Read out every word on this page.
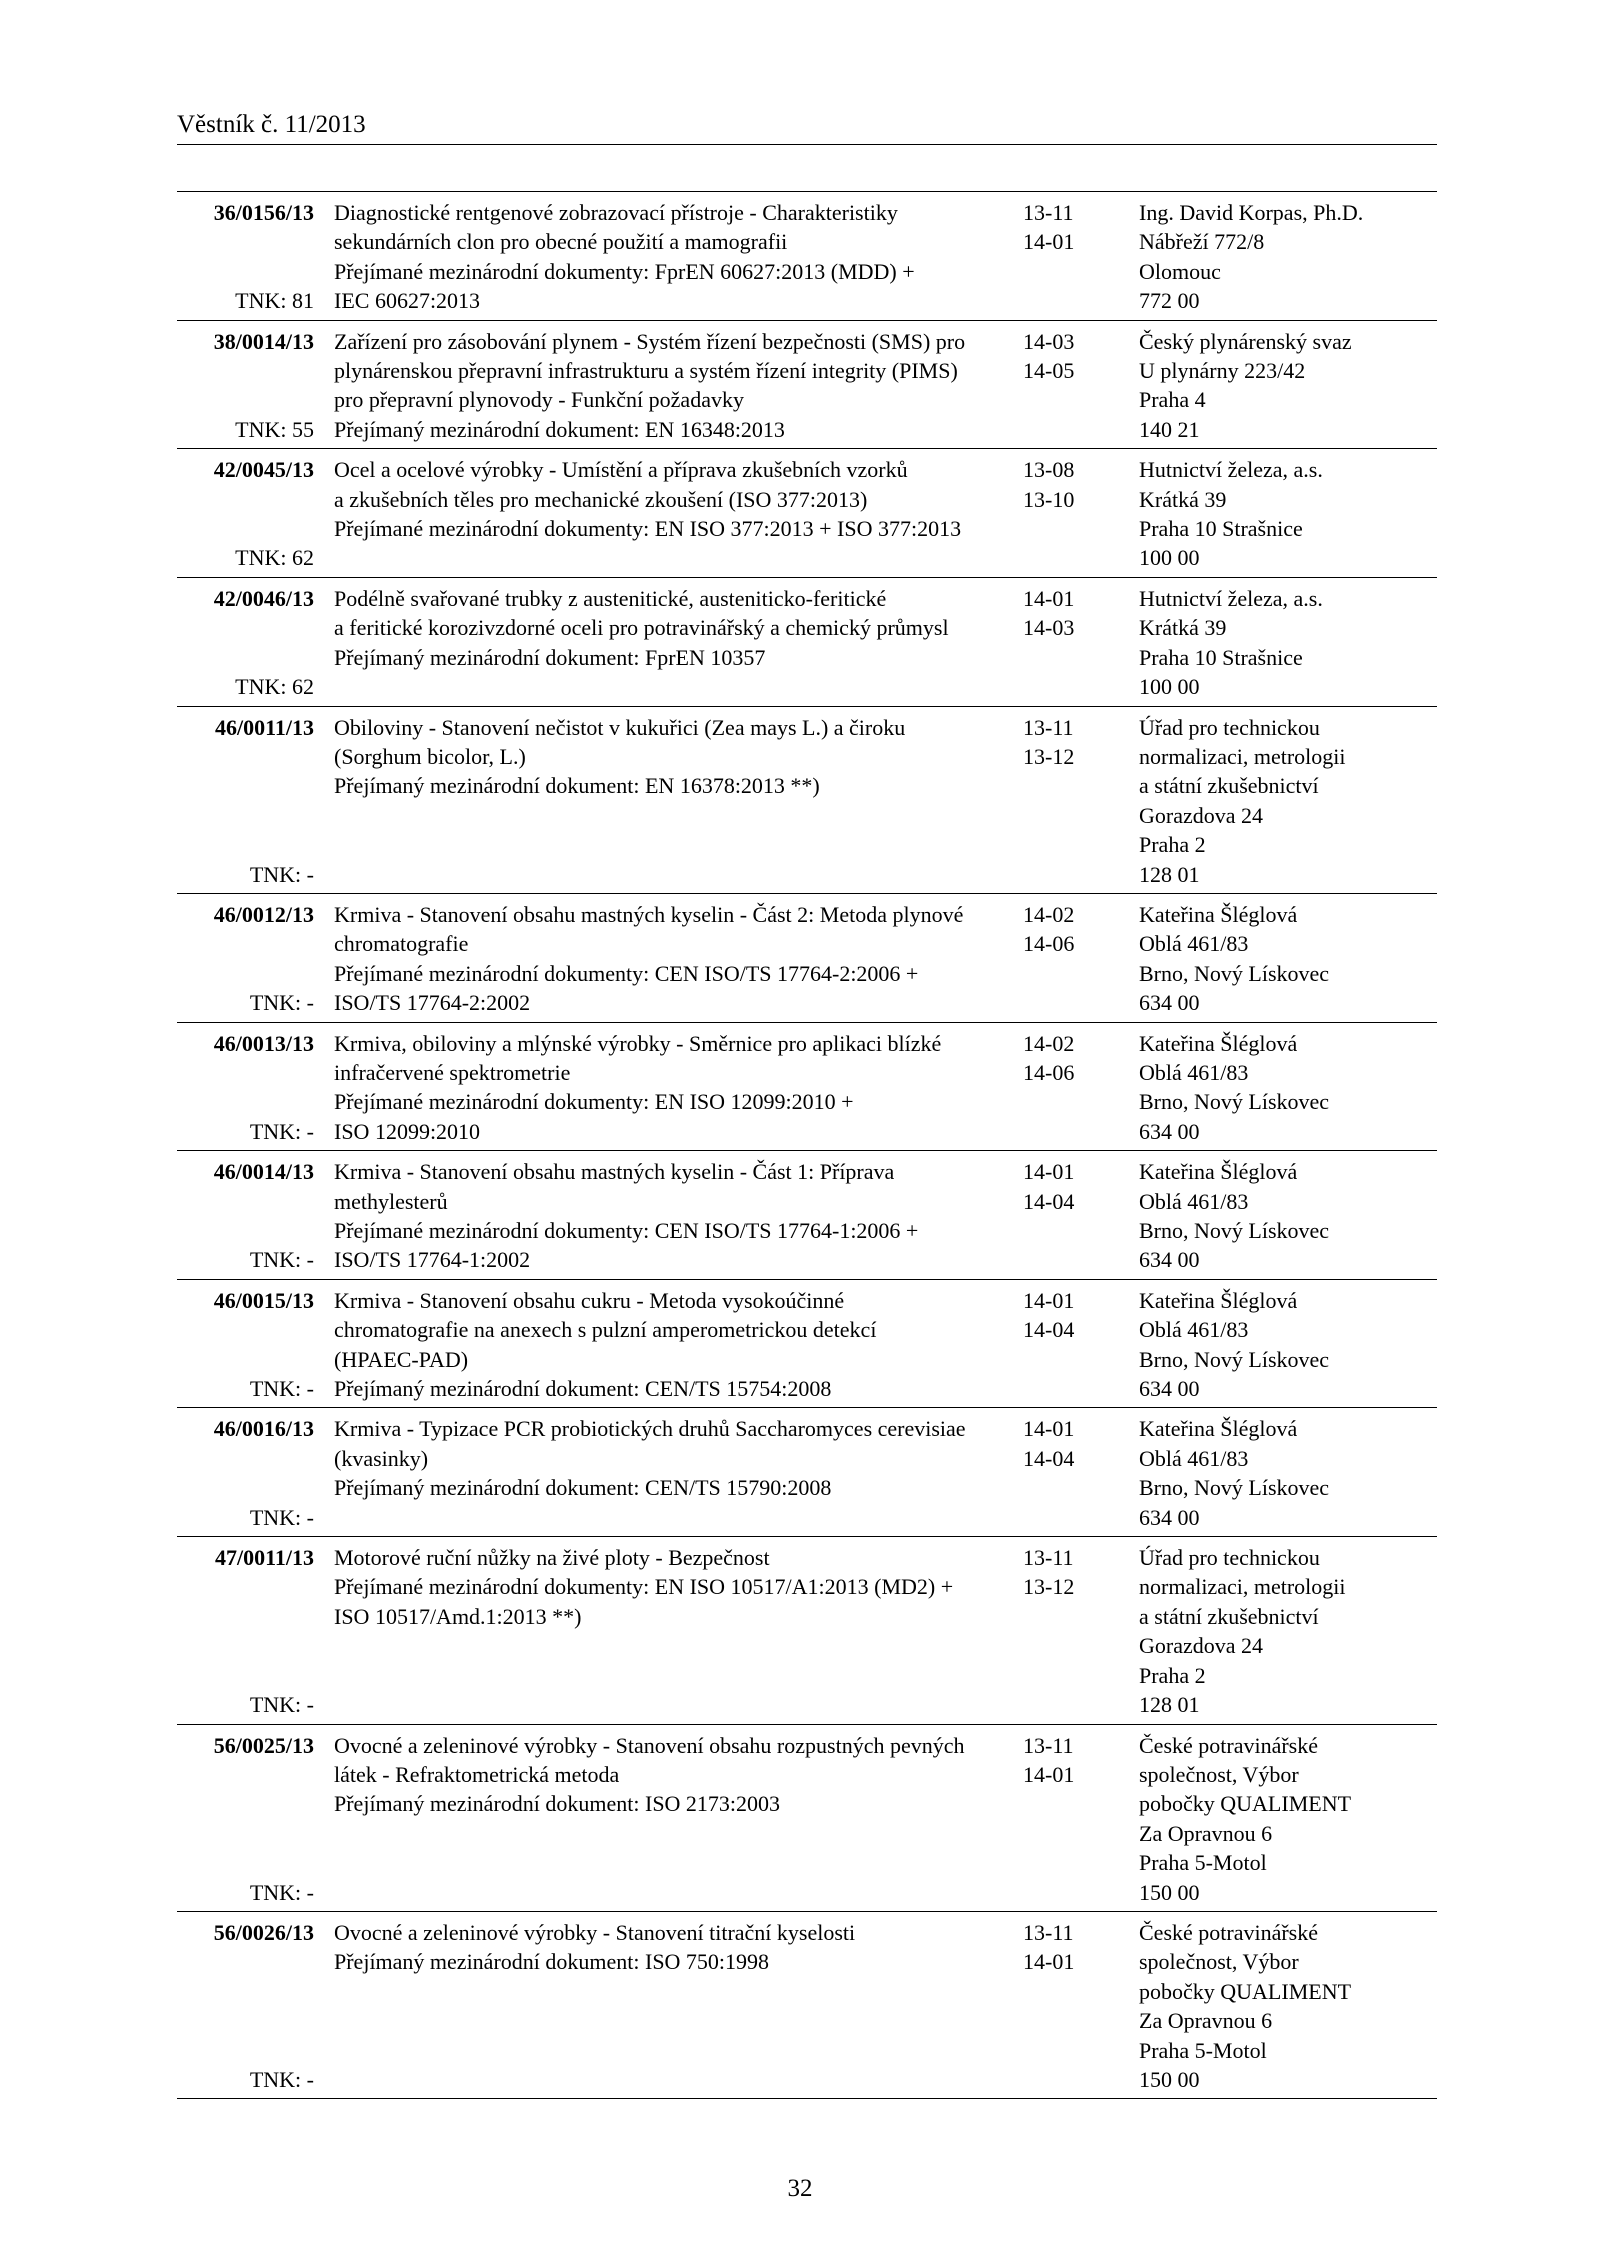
Věstník č. 11/2013
36/0156/13
TNK: 81
Diagnostické rentgenové zobrazovací přístroje - Charakteristiky
sekundárních clon pro obecné použití a mamografii
Přejímané mezinárodní dokumenty: FprEN 60627:2013 (MDD) +
IEC 60627:2013
13-11
14-01
Ing. David Korpas, Ph.D.
Nábřeží 772/8
Olomouc
772 00
38/0014/13
TNK: 55
Zařízení pro zásobování plynem - Systém řízení bezpečnosti (SMS) pro
plynárenskou přepravní infrastrukturu a systém řízení integrity (PIMS)
pro přepravní plynovody - Funkční požadavky
Přejímaný mezinárodní dokument: EN 16348:2013
14-03
14-05
Český plynárenský svaz
U plynárny 223/42
Praha 4
140 21
42/0045/13
TNK: 62
Ocel a ocelové výrobky - Umístění a příprava zkušebních vzorků
a zkušebních těles pro mechanické zkoušení (ISO 377:2013)
Přejímané mezinárodní dokumenty: EN ISO 377:2013 + ISO 377:2013
13-08
13-10
Hutnictví železa, a.s.
Krátká 39
Praha 10 Strašnice
100 00
42/0046/13
TNK: 62
Podélně svařované trubky z austenitické, austeniticko-feritické
a feritické korozivzdorné oceli pro potravinářský a chemický průmysl
Přejímaný mezinárodní dokument: FprEN 10357
14-01
14-03
Hutnictví železa, a.s.
Krátká 39
Praha 10 Strašnice
100 00
46/0011/13
TNK: -
Obiloviny - Stanovení nečistot v kukuřici (Zea mays L.) a čiroku
(Sorghum bicolor, L.)
Přejímaný mezinárodní dokument: EN 16378:2013 **)
13-11
13-12
Úřad pro technickou
normalizaci, metrologii
a státní zkušebnictví
Gorazdova 24
Praha 2
128 01
46/0012/13
TNK: -
Krmiva - Stanovení obsahu mastných kyselin - Část 2: Metoda plynové
chromatografie
Přejímané mezinárodní dokumenty: CEN ISO/TS 17764-2:2006 +
ISO/TS 17764-2:2002
14-02
14-06
Kateřina Šléglová
Oblá 461/83
Brno, Nový Lískovec
634 00
46/0013/13
TNK: -
Krmiva, obiloviny a mlýnské výrobky - Směrnice pro aplikaci blízké
infračervené spektrometrie
Přejímané mezinárodní dokumenty: EN ISO 12099:2010 +
ISO 12099:2010
14-02
14-06
Kateřina Šléglová
Oblá 461/83
Brno, Nový Lískovec
634 00
46/0014/13
TNK: -
Krmiva - Stanovení obsahu mastných kyselin - Část 1: Příprava
methylesterů
Přejímané mezinárodní dokumenty: CEN ISO/TS 17764-1:2006 +
ISO/TS 17764-1:2002
14-01
14-04
Kateřina Šléglová
Oblá 461/83
Brno, Nový Lískovec
634 00
46/0015/13
TNK: -
Krmiva - Stanovení obsahu cukru - Metoda vysokoúčinné
chromatografie na anexech s pulzní amperometrickou detekcí
(HPAEC-PAD)
Přejímaný mezinárodní dokument: CEN/TS 15754:2008
14-01
14-04
Kateřina Šléglová
Oblá 461/83
Brno, Nový Lískovec
634 00
46/0016/13
TNK: -
Krmiva - Typizace PCR probiotických druhů Saccharomyces cerevisiae
(kvasinky)
Přejímaný mezinárodní dokument: CEN/TS 15790:2008
14-01
14-04
Kateřina Šléglová
Oblá 461/83
Brno, Nový Lískovec
634 00
47/0011/13
TNK: -
Motorové ruční nůžky na živé ploty - Bezpečnost
Přejímané mezinárodní dokumenty: EN ISO 10517/A1:2013 (MD2) +
ISO 10517/Amd.1:2013 **)
13-11
13-12
Úřad pro technickou
normalizaci, metrologii
a státní zkušebnictví
Gorazdova 24
Praha 2
128 01
56/0025/13
TNK: -
Ovocné a zeleninové výrobky - Stanovení obsahu rozpustných pevných
látek - Refraktometrická metoda
Přejímaný mezinárodní dokument: ISO 2173:2003
13-11
14-01
České potravinářské
společnost, Výbor
pobočky QUALIMENT
Za Opravnou 6
Praha 5-Motol
150 00
56/0026/13
TNK: -
Ovocné a zeleninové výrobky - Stanovení titrační kyselosti
Přejímaný mezinárodní dokument: ISO 750:1998
13-11
14-01
České potravinářské
společnost, Výbor
pobočky QUALIMENT
Za Opravnou 6
Praha 5-Motol
150 00
32
